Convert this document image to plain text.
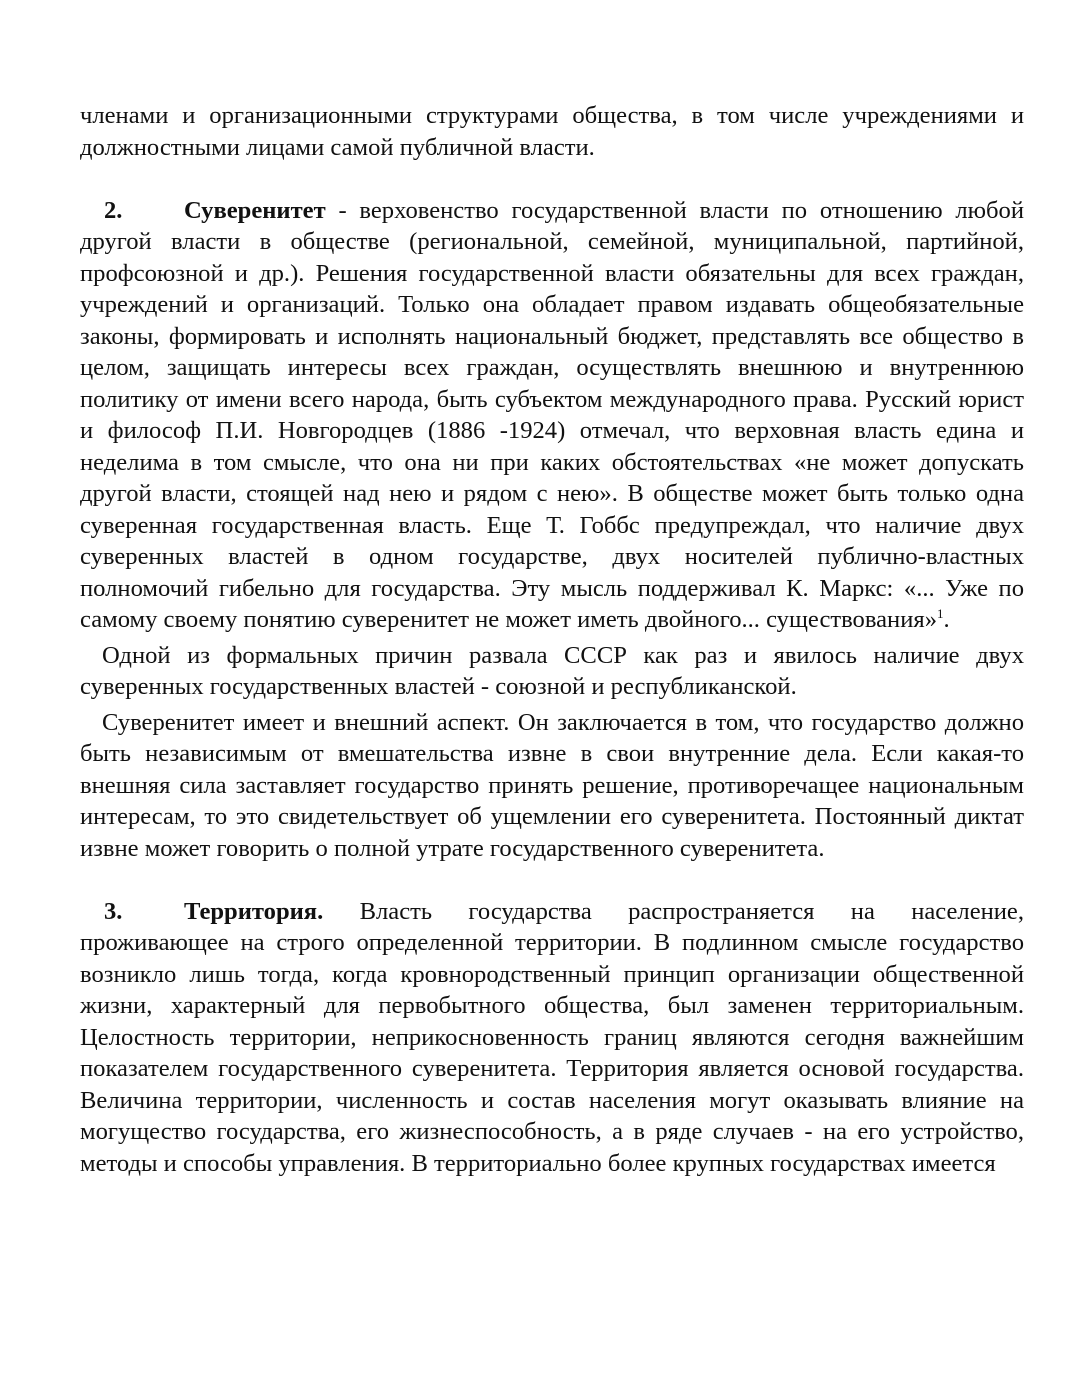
членами и организационными структурами общества, в том числе учреждениями и должностными лицами самой публичной власти.

2.	Суверенитет - верховенство государственной власти по отношению любой другой власти в обществе (региональной, семейной, муниципальной, партийной, профсоюзной и др.). Решения государственной власти обязательны для всех граждан, учреждений и организаций. Только она обладает правом издавать общеобязательные законы, формировать и исполнять национальный бюджет, представлять все общество в целом, защищать интересы всех граждан, осуществлять внешнюю и внутреннюю политику от имени всего народа, быть субъектом международного права. Русский юрист и философ П.И. Новгородцев (1886 -1924) отмечал, что верховная власть едина и неделима в том смысле, что она ни при каких обстоятельствах «не может допускать другой власти, стоящей над нею и рядом с нею». В обществе может быть только одна суверенная государственная власть. Еще Т. Гоббс предупреждал, что наличие двух суверенных властей в одном государстве, двух носителей публично-властных полномочий гибельно для государства. Эту мысль поддерживал К. Маркс: «... Уже по самому своему понятию суверенитет не может иметь двойного... существования»$^1$.

Одной из формальных причин развала СССР как раз и явилось наличие двух суверенных государственных властей - союзной и республиканской.

Суверенитет имеет и внешний аспект. Он заключается в том, что государство должно быть независимым от вмешательства извне в свои внутренние дела. Если какая-то внешняя сила заставляет государство принять решение, противоречащее национальным интересам, то это свидетельствует об ущемлении его суверенитета. Постоянный диктат извне может говорить о полной утрате государственного суверенитета.

3.	Территория. Власть государства распространяется на население, проживающее на строго определенной территории. В подлинном смысле государство возникло лишь тогда, когда кровнородственный принцип организации общественной жизни, характерный для первобытного общества, был заменен территориальным. Целостность территории, неприкосновенность границ являются сегодня важнейшим показателем государственного суверенитета. Территория является основой государства. Величина территории, численность и состав населения могут оказывать влияние на могущество государства, его жизнеспособность, а в ряде случаев - на его устройство, методы и способы управления. В территориально более крупных государствах имеется
